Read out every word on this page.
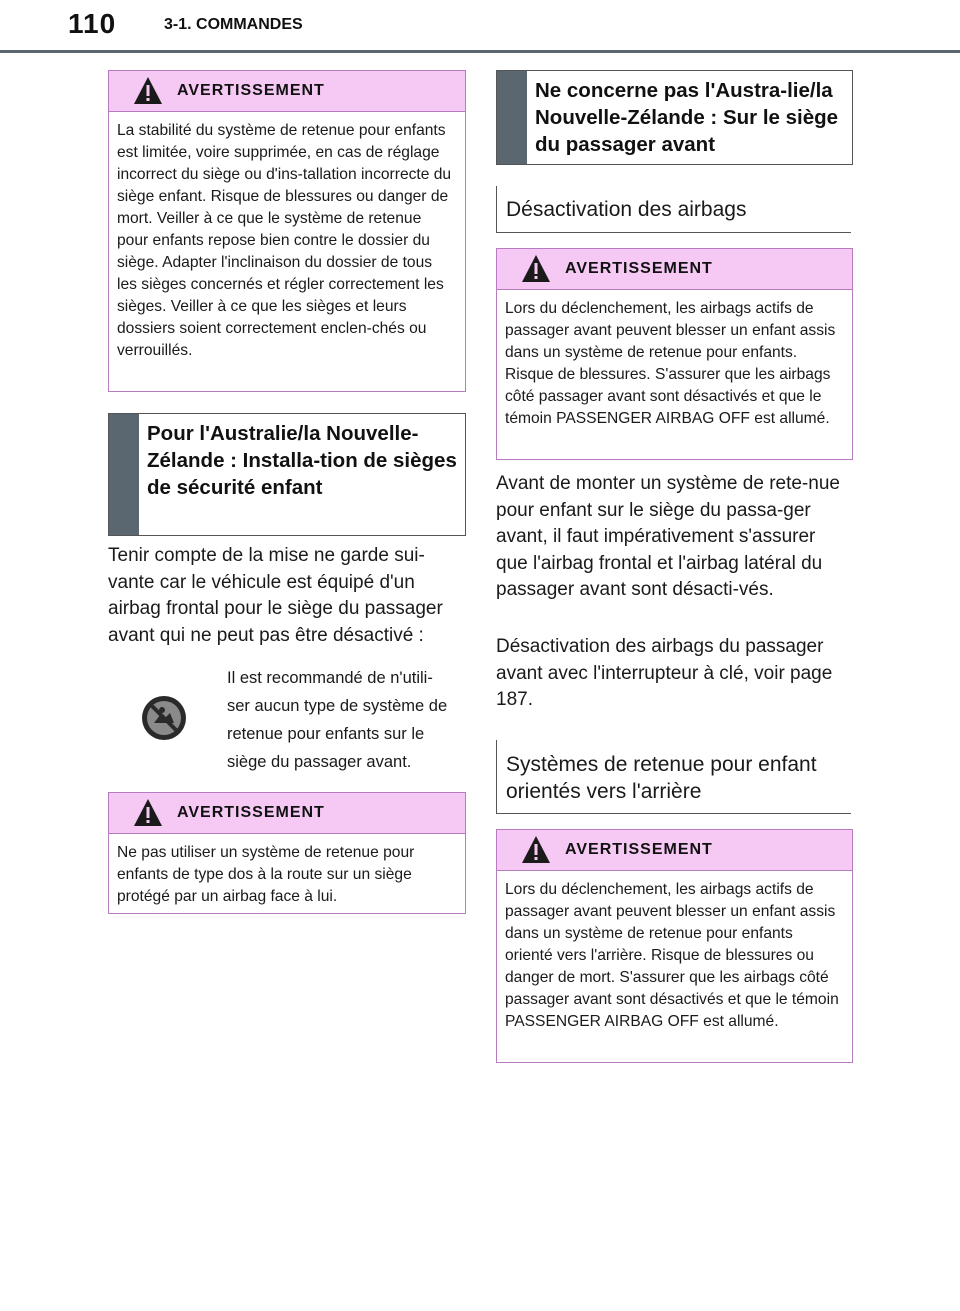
110	3-1. COMMANDES
AVERTISSEMENT
La stabilité du système de retenue pour enfants est limitée, voire supprimée, en cas de réglage incorrect du siège ou d'ins-tallation incorrecte du siège enfant. Risque de blessures ou danger de mort. Veiller à ce que le système de retenue pour enfants repose bien contre le dossier du siège. Adapter l'inclinaison du dossier de tous les sièges concernés et régler correctement les sièges. Veiller à ce que les sièges et leurs dossiers soient correctement enclen-chés ou verrouillés.
Pour l'Australie/la Nouvelle-Zélande : Installa-tion de sièges de sécurité enfant
Tenir compte de la mise ne garde sui-vante car le véhicule est équipé d'un airbag frontal pour le siège du passager avant qui ne peut pas être désactivé :
Il est recommandé de n'utili-ser aucun type de système de retenue pour enfants sur le siège du passager avant.
AVERTISSEMENT
Ne pas utiliser un système de retenue pour enfants de type dos à la route sur un siège protégé par un airbag face à lui.
Ne concerne pas l'Austra-lie/la Nouvelle-Zélande : Sur le siège du passager avant
Désactivation des airbags
AVERTISSEMENT
Lors du déclenchement, les airbags actifs de passager avant peuvent blesser un enfant assis dans un système de retenue pour enfants. Risque de blessures. S'assurer que les airbags côté passager avant sont désactivés et que le témoin PASSENGER AIRBAG OFF est allumé.
Avant de monter un système de rete-nue pour enfant sur le siège du passa-ger avant, il faut impérativement s'assurer que l'airbag frontal et l'airbag latéral du passager avant sont désacti-vés.
Désactivation des airbags du passager avant avec l'interrupteur à clé, voir page 187.
Systèmes de retenue pour enfant orientés vers l'arrière
AVERTISSEMENT
Lors du déclenchement, les airbags actifs de passager avant peuvent blesser un enfant assis dans un système de retenue pour enfants orienté vers l'arrière. Risque de blessures ou danger de mort. S'assurer que les airbags côté passager avant sont désactivés et que le témoin PASSENGER AIRBAG OFF est allumé.
